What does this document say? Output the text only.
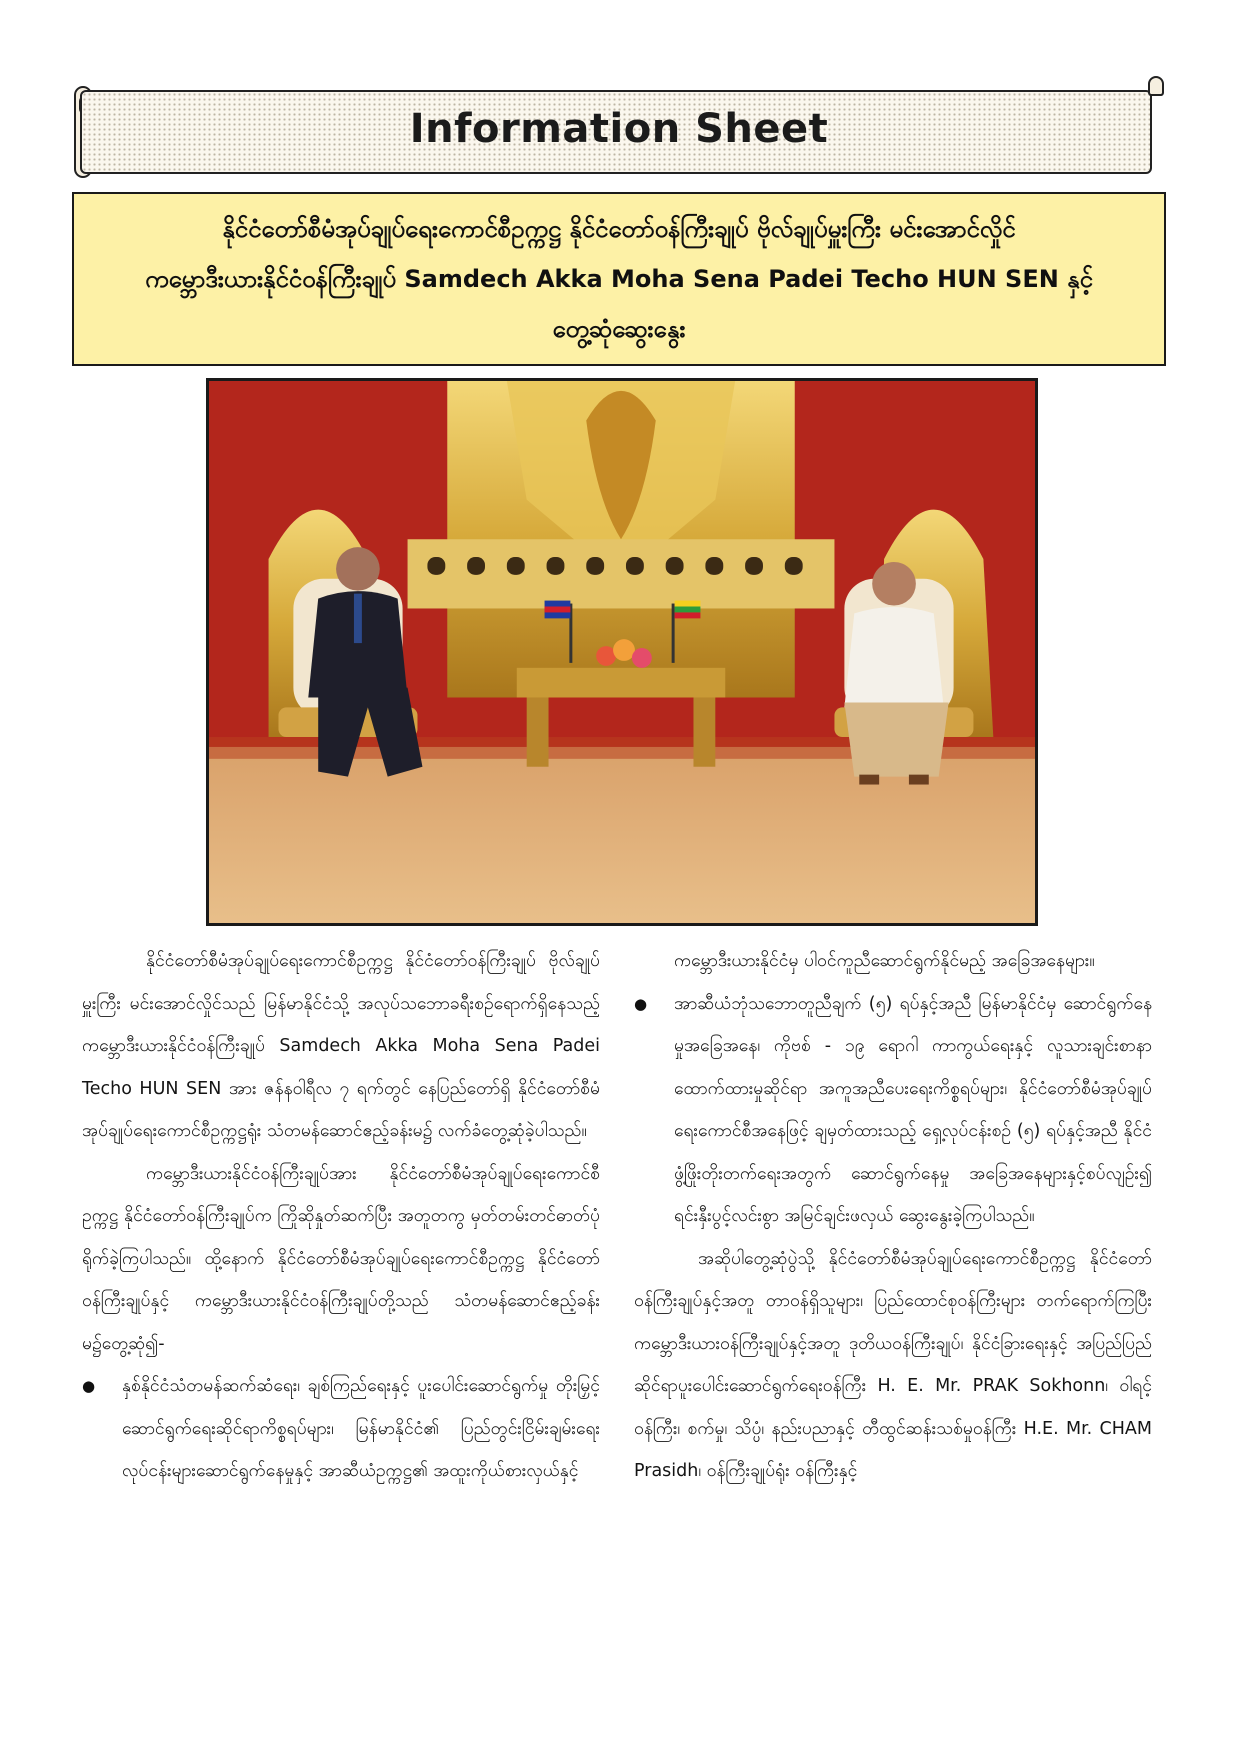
Information Sheet
နိုင်ငံတော်စီမံအုပ်ချုပ်ရေးကောင်စီဥက္ကဋ္ဌ နိုင်ငံတော်ဝန်ကြီးချုပ် ဗိုလ်ချုပ်မှူးကြီး မင်းအောင်လှိုင်
ကမ္ဘောဒီးယားနိုင်ငံဝန်ကြီးချုပ် Samdech Akka Moha Sena Padei Techo HUN SEN နှင့်
တွေ့ဆုံဆွေးနွေး

နိုင်ငံတော်စီမံအုပ်ချုပ်ရေးကောင်စီဥက္ကဋ္ဌ နိုင်ငံတော်ဝန်ကြီးချုပ် ဗိုလ်ချုပ်မှူးကြီး မင်းအောင်လှိုင်သည် မြန်မာနိုင်ငံသို့ အလုပ်သဘောခရီးစဉ်ရောက်ရှိနေသည့် ကမ္ဘောဒီးယားနိုင်ငံဝန်ကြီးချုပ် Samdech Akka Moha Sena Padei Techo HUN SEN အား ဇန်နဝါရီလ ၇ ရက်တွင် နေပြည်တော်ရှိ နိုင်ငံတော်စီမံအုပ်ချုပ်ရေးကောင်စီဥက္ကဋ္ဌရုံး သံတမန်ဆောင်ဧည့်ခန်းမ၌ လက်ခံတွေ့ဆုံခဲ့ပါသည်။

ကမ္ဘောဒီးယားနိုင်ငံဝန်ကြီးချုပ်အား နိုင်ငံတော်စီမံအုပ်ချုပ်ရေးကောင်စီဥက္ကဋ္ဌ နိုင်ငံတော်ဝန်ကြီးချုပ်က ကြိုဆိုနှုတ်ဆက်ပြီး အတူတကွ မှတ်တမ်းတင်ဓာတ်ပုံရိုက်ခဲ့ကြပါသည်။ ထို့နောက် နိုင်ငံတော်စီမံအုပ်ချုပ်ရေးကောင်စီဥက္ကဋ္ဌ နိုင်ငံတော်ဝန်ကြီးချုပ်နှင့် ကမ္ဘောဒီးယားနိုင်ငံဝန်ကြီးချုပ်တို့သည် သံတမန်ဆောင်ဧည့်ခန်းမ၌တွေ့ဆုံ၍-

● နှစ်နိုင်ငံသံတမန်ဆက်ဆံရေး၊ ချစ်ကြည်ရေးနှင့် ပူးပေါင်းဆောင်ရွက်မှု တိုးမြှင့်ဆောင်ရွက်ရေးဆိုင်ရာကိစ္စရပ်များ၊ မြန်မာနိုင်ငံ၏ ပြည်တွင်းငြိမ်းချမ်းရေးလုပ်ငန်းများဆောင်ရွက်နေမှုနှင့် အာဆီယံဥက္ကဋ္ဌ၏ အထူးကိုယ်စားလှယ်နှင့်

ကမ္ဘောဒီးယားနိုင်ငံမှ ပါဝင်ကူညီဆောင်ရွက်နိုင်မည့် အခြေအနေများ။

● အာဆီယံဘုံသဘောတူညီချက် (၅) ရပ်နှင့်အညီ မြန်မာနိုင်ငံမှ ဆောင်ရွက်နေမှုအခြေအနေ၊ ကိုဗစ် - ၁၉ ရောဂါ ကာကွယ်ရေးနှင့် လူသားချင်းစာနာထောက်ထားမှုဆိုင်ရာ အကူအညီပေးရေးကိစ္စရပ်များ၊ နိုင်ငံတော်စီမံအုပ်ချုပ်ရေးကောင်စီအနေဖြင့် ချမှတ်ထားသည့် ရှေ့လုပ်ငန်းစဉ် (၅) ရပ်နှင့်အညီ နိုင်ငံဖွံ့ဖြိုးတိုးတက်ရေးအတွက် ဆောင်ရွက်နေမှု အခြေအနေများနှင့်စပ်လျဉ်း၍ ရင်းနှီးပွင့်လင်းစွာ အမြင်ချင်းဖလှယ် ဆွေးနွေးခဲ့ကြပါသည်။

အဆိုပါတွေ့ဆုံပွဲသို့ နိုင်ငံတော်စီမံအုပ်ချုပ်ရေးကောင်စီဥက္ကဋ္ဌ နိုင်ငံတော်ဝန်ကြီးချုပ်နှင့်အတူ တာဝန်ရှိသူများ၊ ပြည်ထောင်စုဝန်ကြီးများ တက်ရောက်ကြပြီး ကမ္ဘောဒီးယားဝန်ကြီးချုပ်နှင့်အတူ ဒုတိယဝန်ကြီးချုပ်၊ နိုင်ငံခြားရေးနှင့် အပြည်ပြည်ဆိုင်ရာပူးပေါင်းဆောင်ရွက်ရေးဝန်ကြီး H. E. Mr. PRAK Sokhonn၊ ဝါရင့်ဝန်ကြီး၊ စက်မှု၊ သိပ္ပံ၊ နည်းပညာနှင့် တီထွင်ဆန်းသစ်မှုဝန်ကြီး H.E. Mr. CHAM Prasidh၊ ဝန်ကြီးချုပ်ရုံး ဝန်ကြီးနှင့်
